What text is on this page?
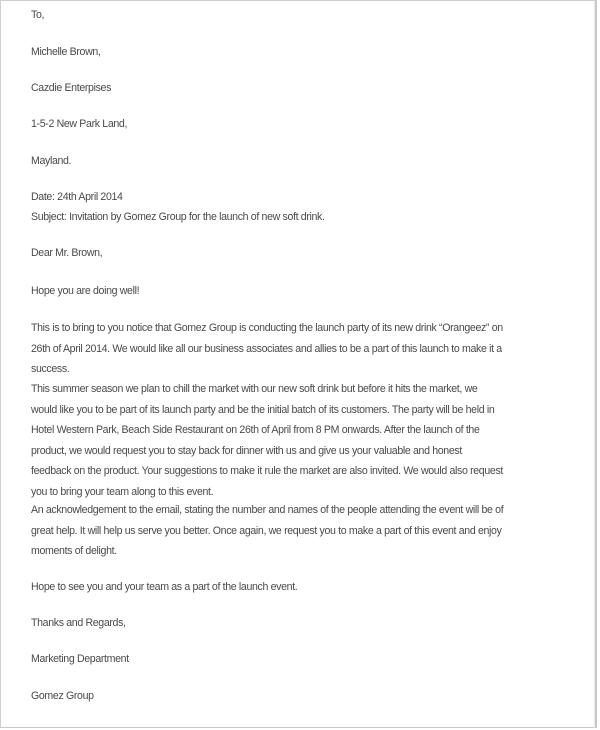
To,
Michelle Brown,
Cazdie Enterpises
1-5-2 New Park Land,
Mayland.
Date: 24th April 2014
Subject: Invitation by Gomez Group for the launch of new soft drink.
Dear Mr. Brown,
Hope you are doing well!
This is to bring to you notice that Gomez Group is conducting the launch party of its new drink “Orangeez” on
26th of April 2014. We would like all our business associates and allies to be a part of this launch to make it a
success.
This summer season we plan to chill the market with our new soft drink but before it hits the market, we
would like you to be part of its launch party and be the initial batch of its customers. The party will be held in
Hotel Western Park, Beach Side Restaurant on 26th of April from 8 PM onwards. After the launch of the
product, we would request you to stay back for dinner with us and give us your valuable and honest
feedback on the product. Your suggestions to make it rule the market are also invited. We would also request
you to bring your team along to this event.
An acknowledgement to the email, stating the number and names of the people attending the event will be of
great help. It will help us serve you better. Once again, we request you to make a part of this event and enjoy
moments of delight.
Hope to see you and your team as a part of the launch event.
Thanks and Regards,
Marketing Department
Gomez Group
